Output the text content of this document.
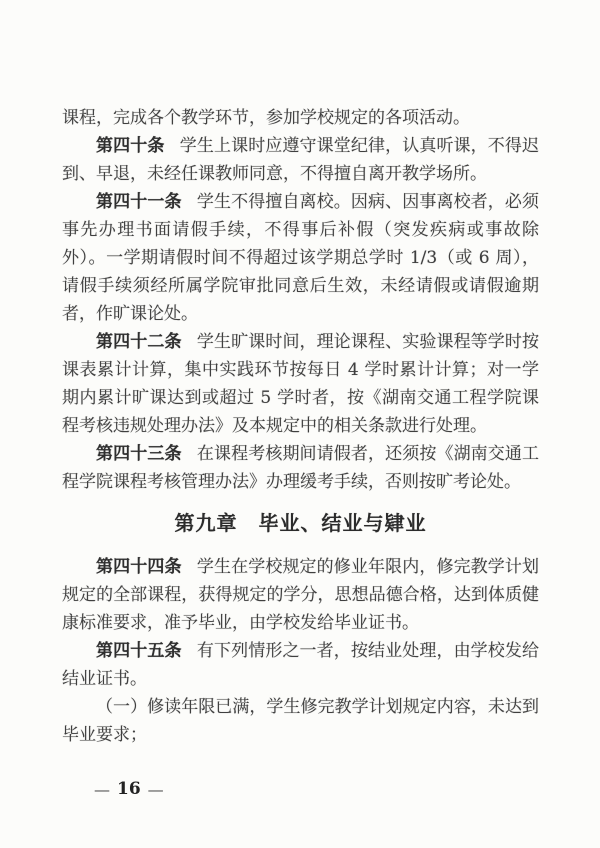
课程，完成各个教学环节，参加学校规定的各项活动。

第四十条 学生上课时应遵守课堂纪律，认真听课，不得迟到、早退，未经任课教师同意，不得擅自离开教学场所。

第四十一条 学生不得擅自离校。因病、因事离校者，必须事先办理书面请假手续，不得事后补假（突发疾病或事故除外）。一学期请假时间不得超过该学期总学时 1/3（或 6 周），请假手续须经所属学院审批同意后生效，未经请假或请假逾期者，作旷课论处。

第四十二条 学生旷课时间，理论课程、实验课程等学时按课表累计计算，集中实践环节按每日 4 学时累计计算；对一学期内累计旷课达到或超过 5 学时者，按《湖南交通工程学院课程考核违规处理办法》及本规定中的相关条款进行处理。

第四十三条 在课程考核期间请假者，还须按《湖南交通工程学院课程考核管理办法》办理缓考手续，否则按旷考论处。

第九章　毕业、结业与肄业

第四十四条 学生在学校规定的修业年限内，修完教学计划规定的全部课程，获得规定的学分，思想品德合格，达到体质健康标准要求，准予毕业，由学校发给毕业证书。

第四十五条 有下列情形之一者，按结业处理，由学校发给结业证书。

（一）修读年限已满，学生修完教学计划规定内容，未达到毕业要求；

— 16 —
